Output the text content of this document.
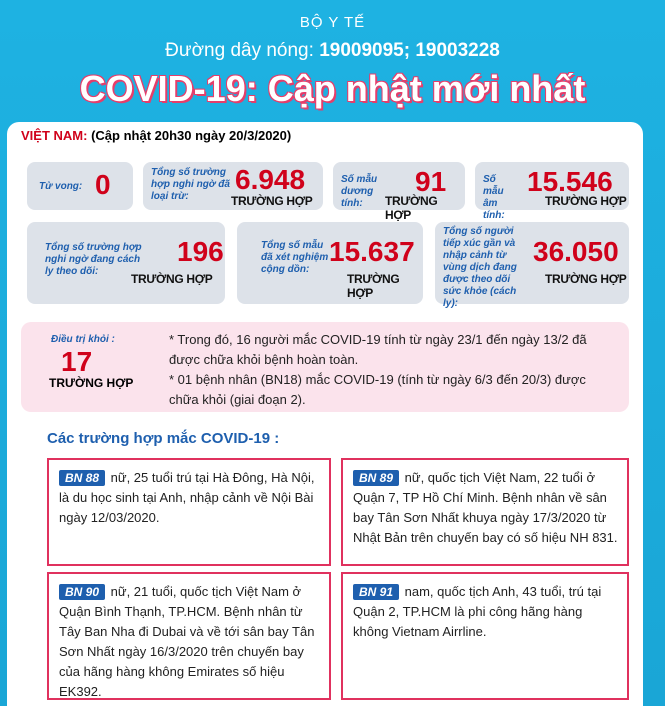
BỘ Y TẾ
Đường dây nóng: 19009095; 19003228
COVID-19: Cập nhật mới nhất
VIỆT NAM: (Cập nhật 20h30 ngày 20/3/2020)
Tử vong: 0	Tổng số trường hợp nghi ngờ đã loại trừ:
6.948
TRƯỜNG HỢP
Số mẫu dương tính:
91
TRƯỜNG HỢP
Số mẫu âm tính:
15.546
TRƯỜNG HỢP
Tổng số trường hợp nghi ngờ đang cách ly theo dõi:
196
TRƯỜNG HỢP
Tổng số mẫu đã xét nghiệm cộng dồn:
15.637
TRƯỜNG HỢP
Tổng số người tiếp xúc gần và nhập cảnh từ vùng dịch đang được theo dõi sức khỏe (cách ly):
36.050
TRƯỜNG HỢP
Điều trị khỏi :
17
TRƯỜNG HỢP

* Trong đó, 16 người mắc COVID-19 tính từ ngày 23/1 đến ngày 13/2 đã được chữa khỏi bệnh hoàn toàn.

* 01 bệnh nhân (BN18) mắc COVID-19 (tính từ ngày 6/3 đến 20/3) được chữa khỏi (giai đoạn 2).

Các trường hợp mắc COVID-19 :
BN 88 nữ, 25 tuổi trú tại Hà Đông, Hà Nội, là du học sinh tại Anh, nhập cảnh về Nội Bài ngày 12/03/2020.
BN 89 nữ, quốc tịch Việt Nam, 22 tuổi ở Quận 7, TP Hồ Chí Minh. Bệnh nhân về sân bay Tân Sơn Nhất khuya ngày 17/3/2020 từ Nhật Bản trên chuyến bay có số hiệu NH 831.
BN 90 nữ, 21 tuổi, quốc tịch Việt Nam ở Quận Bình Thạnh, TP.HCM. Bệnh nhân từ Tây Ban Nha đi Dubai và về tới sân bay Tân Sơn Nhất ngày 16/3/2020 trên chuyến bay của hãng hàng không Emirates số hiệu EK392.
BN 91 nam, quốc tịch Anh, 43 tuổi, trú tại Quận 2, TP.HCM là phi công hãng hàng không Vietnam Airrline.
